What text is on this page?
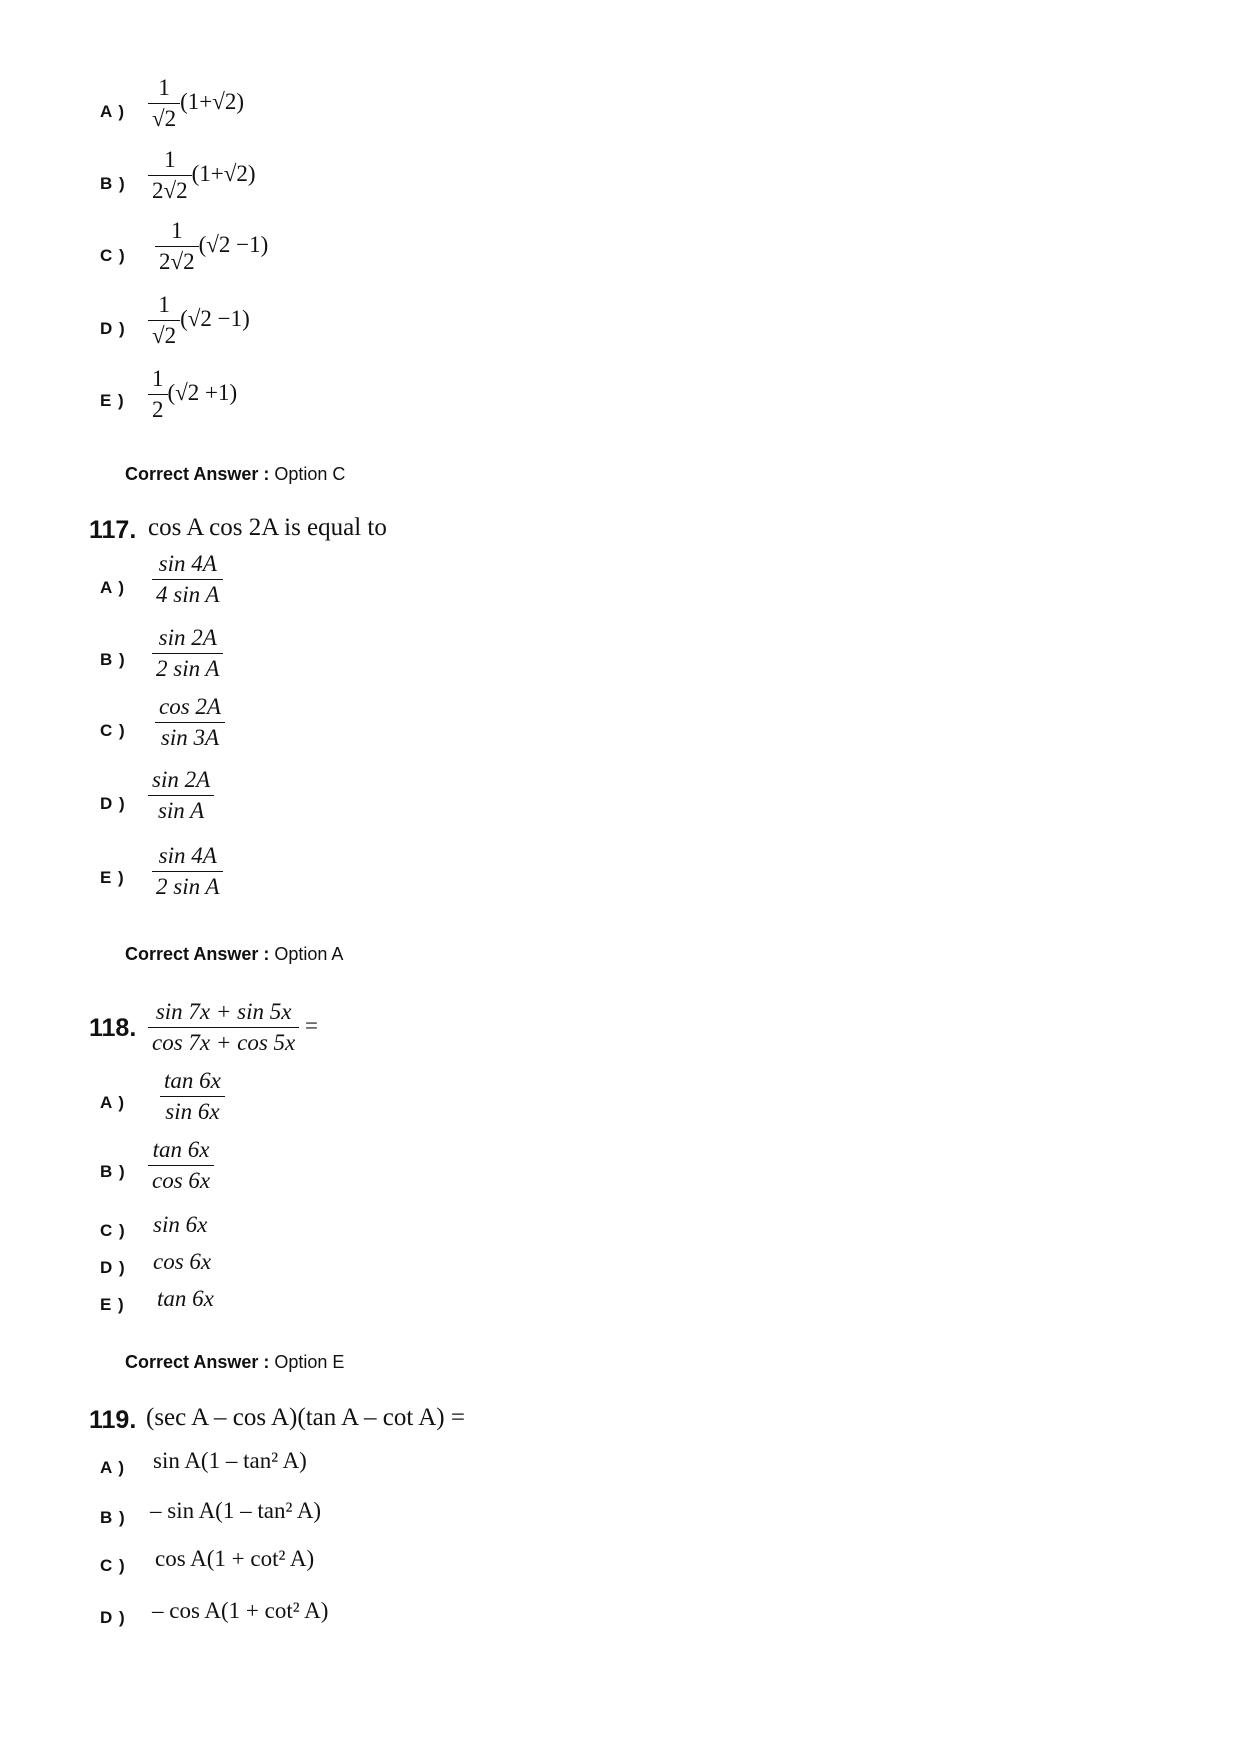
A ) $\frac{1}{√2} (1+√2)$
B ) $\frac{1}{2√2} (1+√2)$
C ) $\frac{1}{2√2} (√2 -1)$
D ) $\frac{1}{√2} (√2 -1)$
E ) $\frac{1}{2} (√2 +1)$
Correct Answer : Option C
117. cos A cos 2A is equal to
A ) $\frac{\sin 4A}{\text{4 sin A}}$
B ) $\frac{\sin 2A}{\text{2 sin A}}$
C ) $\frac{\cos 2A}{\sin 3A}$
D ) $\frac{\sin 2A}{\text{sin A}}$
E ) $\frac{\sin 4A}{\text{2 sin A}}$
Correct Answer : Option A
118. $\frac{\sin 7x + \sin 5x}{\cos 7x + \cos 5x}$ =
A ) $\frac{\tan 6x}{\sin 6x}$
B ) $\frac{\tan 6x}{\cos 6x}$
C ) sin 6x
D ) cos 6x
E ) tan 6x
Correct Answer : Option E
119. (sec A – cos A)(tan A – cot A) =
A ) sin A(1 – tan² A)
B ) – sin A(1 – tan² A)
C ) cos A(1 + cot² A)
D ) – cos A(1 + cot² A)
